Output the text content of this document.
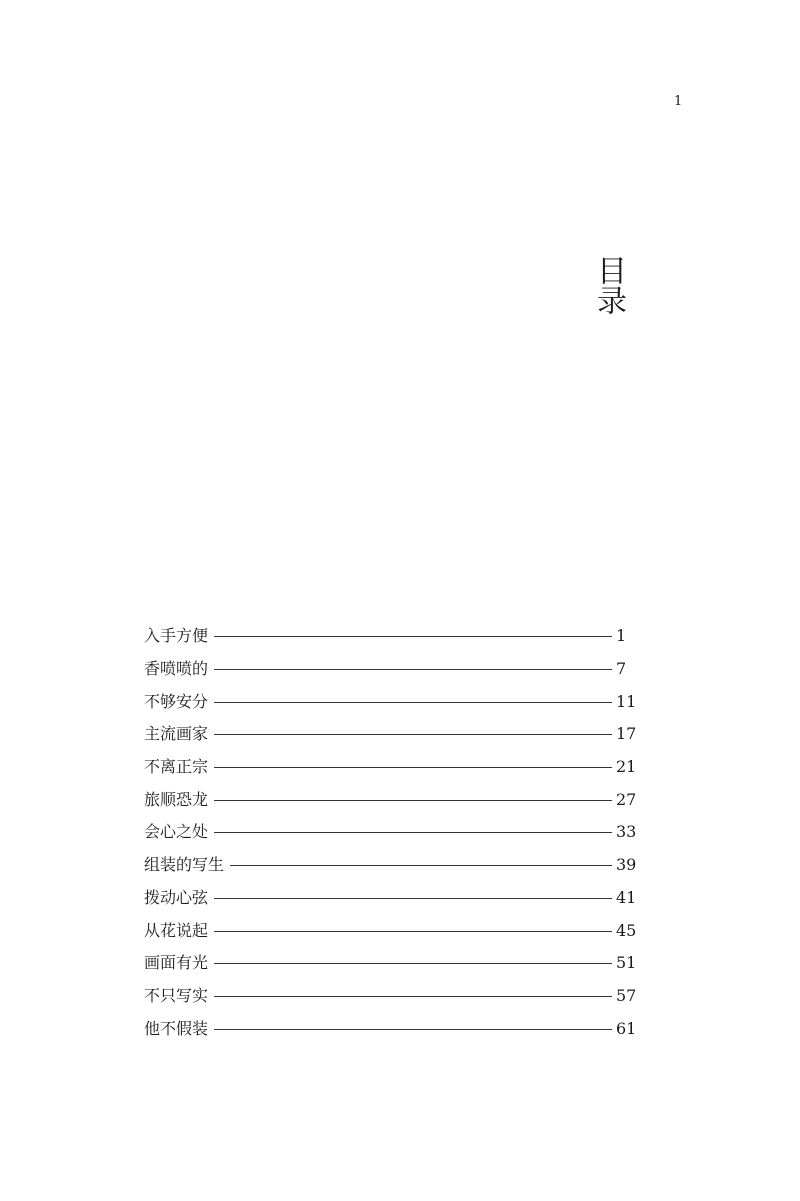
1
目录
入手方便	1
香喷喷的	7
不够安分	11
主流画家	17
不离正宗	21
旅顺恐龙	27
会心之处	33
组装的写生	39
拨动心弦	41
从花说起	45
画面有光	51
不只写实	57
他不假装	61
